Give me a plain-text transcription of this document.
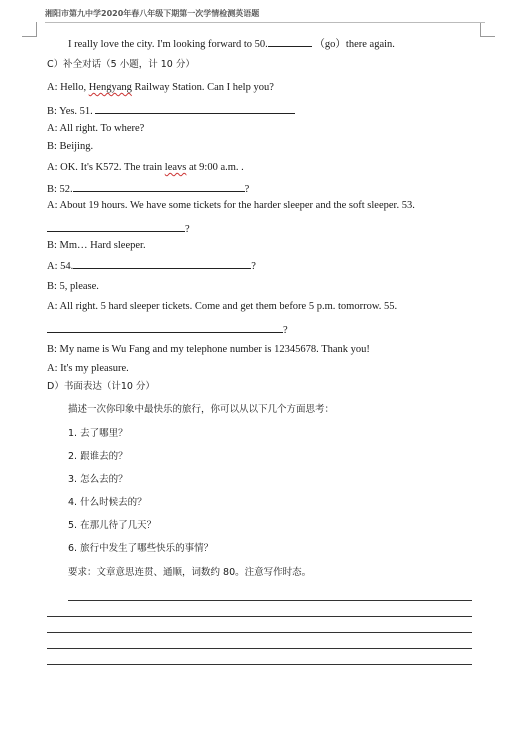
湘阳市第九中学2020年春八年级下期第一次学情检测英语题
I really love the city. I'm looking forward to 50.	（go）there again.
C）补全对话（5 小题，计 10 分）
A: Hello, Hengyang Railway Station. Can I help you?
B: Yes. 51.
A: All right. To where?
B: Beijing.
A: OK. It's K572. The train leavs at 9:00 a.m. .
B: 52.	?
A: About 19 hours. We have some tickets for the harder sleeper and the soft sleeper. 53.
?
B: Mm… Hard sleeper.
A: 54.	?
B: 5, please.
A: All right. 5 hard sleeper tickets. Come and get them before 5 p.m. tomorrow. 55.
?
B: My name is Wu Fang and my telephone number is 12345678. Thank you!
A: It's my pleasure.
D）书面表达（计10 分）
描述一次你印象中最快乐的旅行，你可以从以下几个方面思考：
1. 去了哪里？
2. 跟谁去的？
3. 怎么去的？
4. 什么时候去的？
5. 在那儿待了几天？
6. 旅行中发生了哪些快乐的事情？
要求：文章意思连贯、通顺，词数约 80。注意写作时态。
